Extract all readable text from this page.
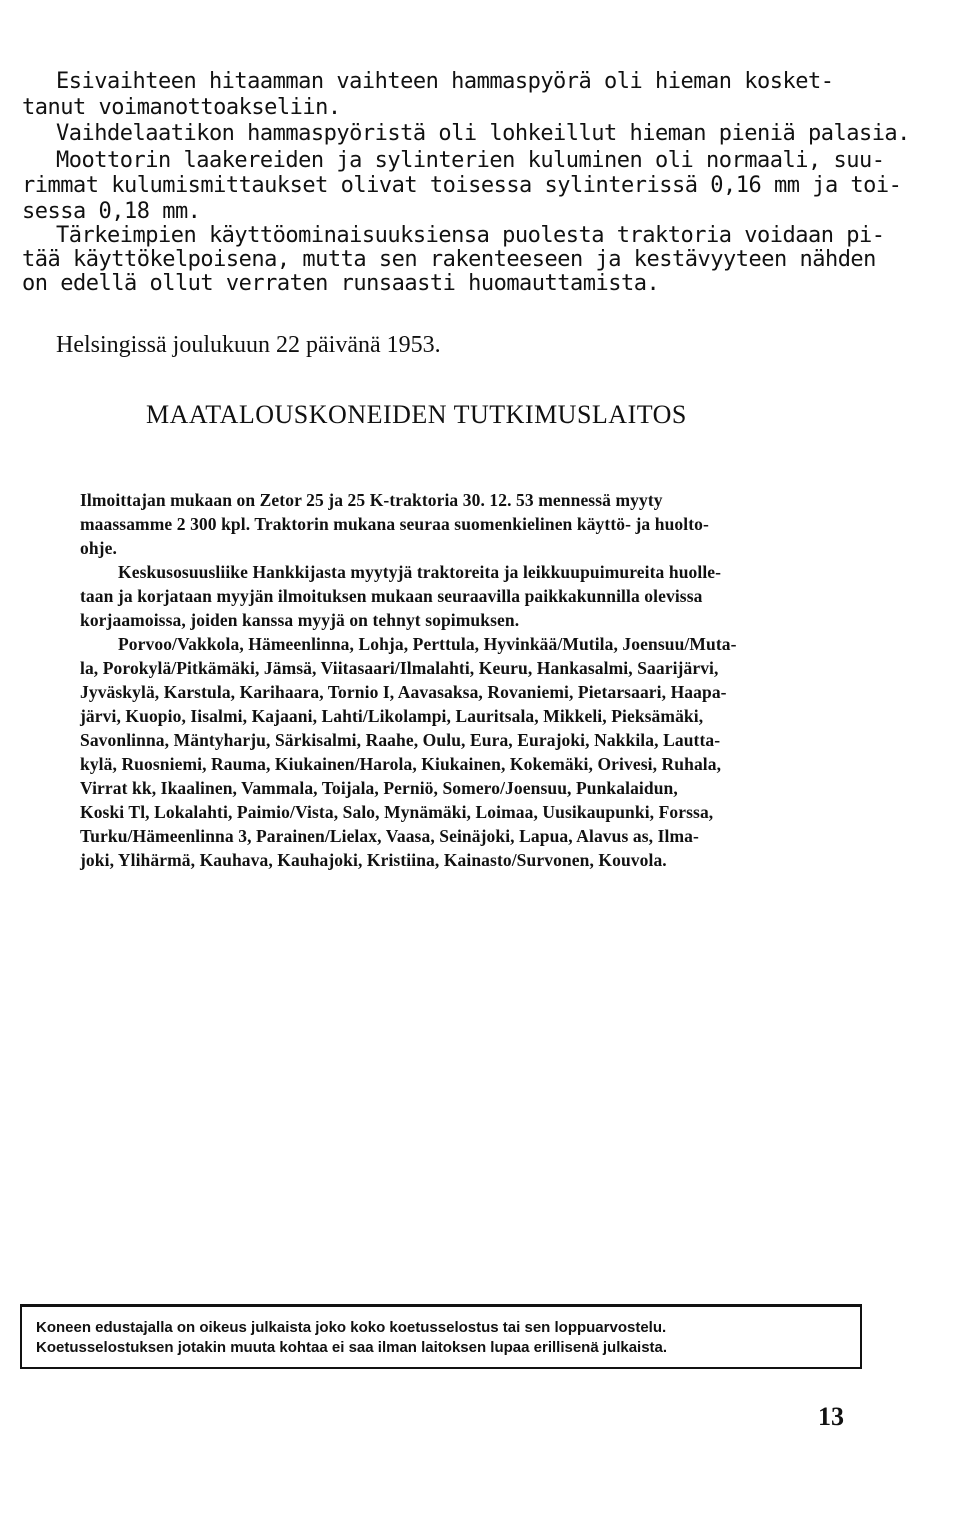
Esivaihteen hitaamman vaihteen hammaspyörä oli hieman kosket-

tanut voimanottoakseliin.

Vaihdelaatikon hammaspyöristä oli lohkeillut hieman pieniä palasia.

Moottorin laakereiden ja sylinterien kuluminen oli normaali, suu-

rimmat kulumismittaukset olivat toisessa sylinterissä 0,16 mm ja toi-

sessa 0,18 mm.

Tärkeimpien käyttöominaisuuksiensa puolesta traktoria voidaan pi-

tää käyttökelpoisena, mutta sen rakenteeseen ja kestävyyteen nähden

on edellä ollut verraten runsaasti huomauttamista.

Helsingissä joulukuun 22 päivänä 1953.

MAATALOUSKONEIDEN TUTKIMUSLAITOS

Ilmoittajan mukaan on Zetor 25 ja 25 K-traktoria 30. 12. 53 mennessä myyty

maassamme 2 300 kpl. Traktorin mukana seuraa suomenkielinen käyttö- ja huolto-

ohje.

Keskusosuusliike Hankkijasta myytyjä traktoreita ja leikkuupuimureita huolle-

taan ja korjataan myyjän ilmoituksen mukaan seuraavilla paikkakunnilla olevissa

korjaamoissa, joiden kanssa myyjä on tehnyt sopimuksen.

Porvoo/Vakkola, Hämeenlinna, Lohja, Perttula, Hyvinkää/Mutila, Joensuu/Muta-

la, Porokylä/Pitkämäki, Jämsä, Viitasaari/Ilmalahti, Keuru, Hankasalmi, Saarijärvi,

Jyväskylä, Karstula, Karihaara, Tornio I, Aavasaksa, Rovaniemi, Pietarsaari, Haapa-

järvi, Kuopio, Iisalmi, Kajaani, Lahti/Likolampi, Lauritsala, Mikkeli, Pieksämäki,

Savonlinna, Mäntyharju, Särkisalmi, Raahe, Oulu, Eura, Eurajoki, Nakkila, Lautta-

kylä, Ruosniemi, Rauma, Kiukainen/Harola, Kiukainen, Kokemäki, Orivesi, Ruhala,

Virrat kk, Ikaalinen, Vammala, Toijala, Perniö, Somero/Joensuu, Punkalaidun,

Koski Tl, Lokalahti, Paimio/Vista, Salo, Mynämäki, Loimaa, Uusikaupunki, Forssa,

Turku/Hämeenlinna 3, Parainen/Lielax, Vaasa, Seinäjoki, Lapua, Alavus as, Ilma-

joki, Ylihärmä, Kauhava, Kauhajoki, Kristiina, Kainasto/Survonen, Kouvola.

Koneen edustajalla on oikeus julkaista joko koko koetusselostus tai sen loppuarvostelu.
Koetusselostuksen jotakin muuta kohtaa ei saa ilman laitoksen lupaa erillisenä julkaista.
13
